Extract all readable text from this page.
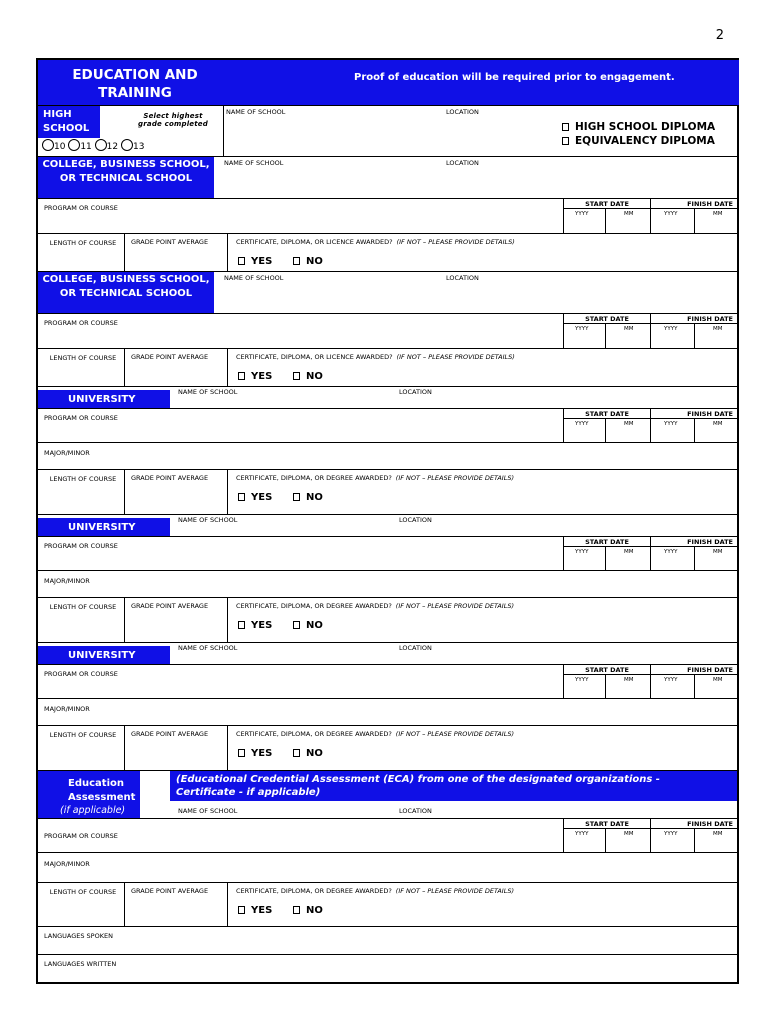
2
EDUCATION AND TRAINING
Proof of education will be required prior to engagement.
HIGH SCHOOL
Select highest grade completed
NAME OF SCHOOL	LOCATION
10 11 12 13
HIGH SCHOOL DIPLOMA
EQUIVALENCY DIPLOMA
COLLEGE, BUSINESS SCHOOL, OR TECHNICAL SCHOOL
NAME OF SCHOOL	LOCATION
PROGRAM OR COURSE	START DATE	FINISH DATE
YYYY	MM	YYYY	MM
LENGTH OF COURSE	GRADE POINT AVERAGE	CERTIFICATE, DIPLOMA, OR LICENCE AWARDED? (IF NOT – PLEASE PROVIDE DETAILS)
YES	NO
COLLEGE, BUSINESS SCHOOL, OR TECHNICAL SCHOOL
NAME OF SCHOOL	LOCATION
PROGRAM OR COURSE	START DATE	FINISH DATE
YYYY	MM	YYYY	MM
LENGTH OF COURSE	GRADE POINT AVERAGE	CERTIFICATE, DIPLOMA, OR LICENCE AWARDED? (IF NOT – PLEASE PROVIDE DETAILS)
YES	NO
UNIVERSITY
NAME OF SCHOOL	LOCATION
PROGRAM OR COURSE	START DATE	FINISH DATE
YYYY	MM	YYYY	MM
MAJOR/MINOR
LENGTH OF COURSE	GRADE POINT AVERAGE	CERTIFICATE, DIPLOMA, OR DEGREE AWARDED? (IF NOT – PLEASE PROVIDE DETAILS)
YES	NO
UNIVERSITY
NAME OF SCHOOL	LOCATION
PROGRAM OR COURSE	START DATE	FINISH DATE
YYYY	MM	YYYY	MM
MAJOR/MINOR
LENGTH OF COURSE	GRADE POINT AVERAGE	CERTIFICATE, DIPLOMA, OR DEGREE AWARDED? (IF NOT – PLEASE PROVIDE DETAILS)
YES	NO
UNIVERSITY
NAME OF SCHOOL	LOCATION
PROGRAM OR COURSE	START DATE	FINISH DATE
YYYY	MM	YYYY	MM
MAJOR/MINOR
LENGTH OF COURSE	GRADE POINT AVERAGE	CERTIFICATE, DIPLOMA, OR DEGREE AWARDED? (IF NOT – PLEASE PROVIDE DETAILS)
YES	NO
Education Assessment
(if applicable)
(Educational Credential Assessment (ECA) from one of the designated organizations - Certificate - if applicable)
NAME OF SCHOOL	LOCATION
PROGRAM OR COURSE
START DATE	FINISH DATE
YYYY	MM	YYYY	MM
MAJOR/MINOR
LENGTH OF COURSE	GRADE POINT AVERAGE	CERTIFICATE, DIPLOMA, OR DEGREE AWARDED? (IF NOT – PLEASE PROVIDE DETAILS)
YES	NO
LANGUAGES SPOKEN
LANGUAGES WRITTEN
